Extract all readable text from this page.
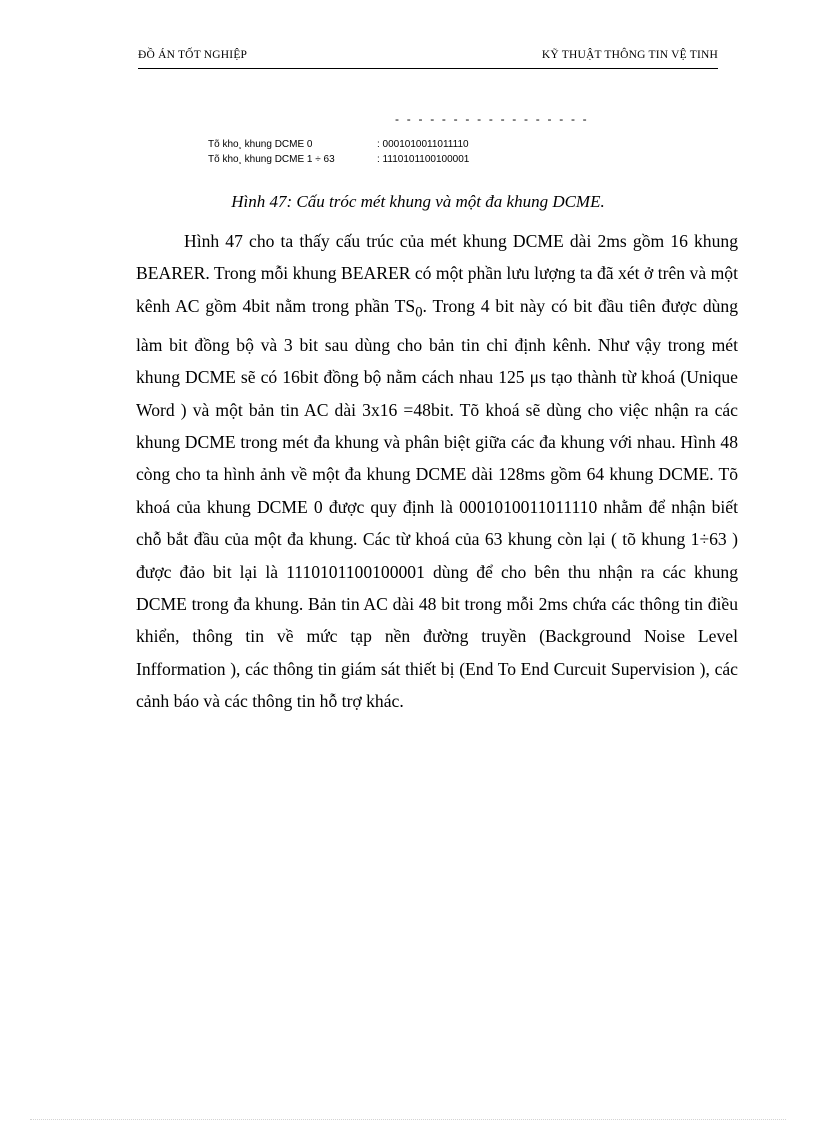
ĐỒ ÁN TỐT NGHIỆP	KỸ THUẬT THÔNG TIN VỆ TINH
- - - - - - - - - - - - - - - - -
Tõ kho¸ khung DCME 0	: 0001010011011110
Tõ kho¸ khung DCME 1 ÷ 63	: 1110101100100001
Hình 47: Cấu tróc mét khung và một đa khung DCME.

Hình 47 cho ta thấy cấu trúc của mét khung DCME dài 2ms gồm 16 khung BEARER. Trong mỗi khung BEARER có một phần lưu lượng ta đã xét ở trên và một kênh AC gồm 4bit nằm trong phần $TS_0$. Trong 4 bit này có bit đầu tiên được dùng làm bit đồng bộ và 3 bit sau dùng cho bản tin chỉ định kênh. Như vậy trong mét khung DCME sẽ có 16bit đồng bộ nằm cách nhau 125 μs tạo thành từ khoá (Unique Word ) và một bản tin AC dài 3x16 =48bit. Tõ khoá sẽ dùng cho việc nhận ra các khung DCME trong mét đa khung và phân biệt giữa các đa khung với nhau. Hình 48 còng cho ta hình ảnh về một đa khung DCME dài 128ms gồm 64 khung DCME. Tõ khoá của khung DCME 0 được quy định là 0001010011011110 nhằm để nhận biết chỗ bắt đầu của một đa khung. Các từ khoá của 63 khung còn lại ( tõ khung 1÷63 ) được đảo bit lại là 1110101100100001 dùng để cho bên thu nhận ra các khung DCME trong đa khung. Bản tin AC dài 48 bit trong mỗi 2ms chứa các thông tin điều khiển, thông tin về mức tạp nền đường truyền (Background Noise Level Infformation ), các thông tin giám sát thiết bị (End To End Curcuit Supervision ), các cảnh báo và các thông tin hỗ trợ khác.
